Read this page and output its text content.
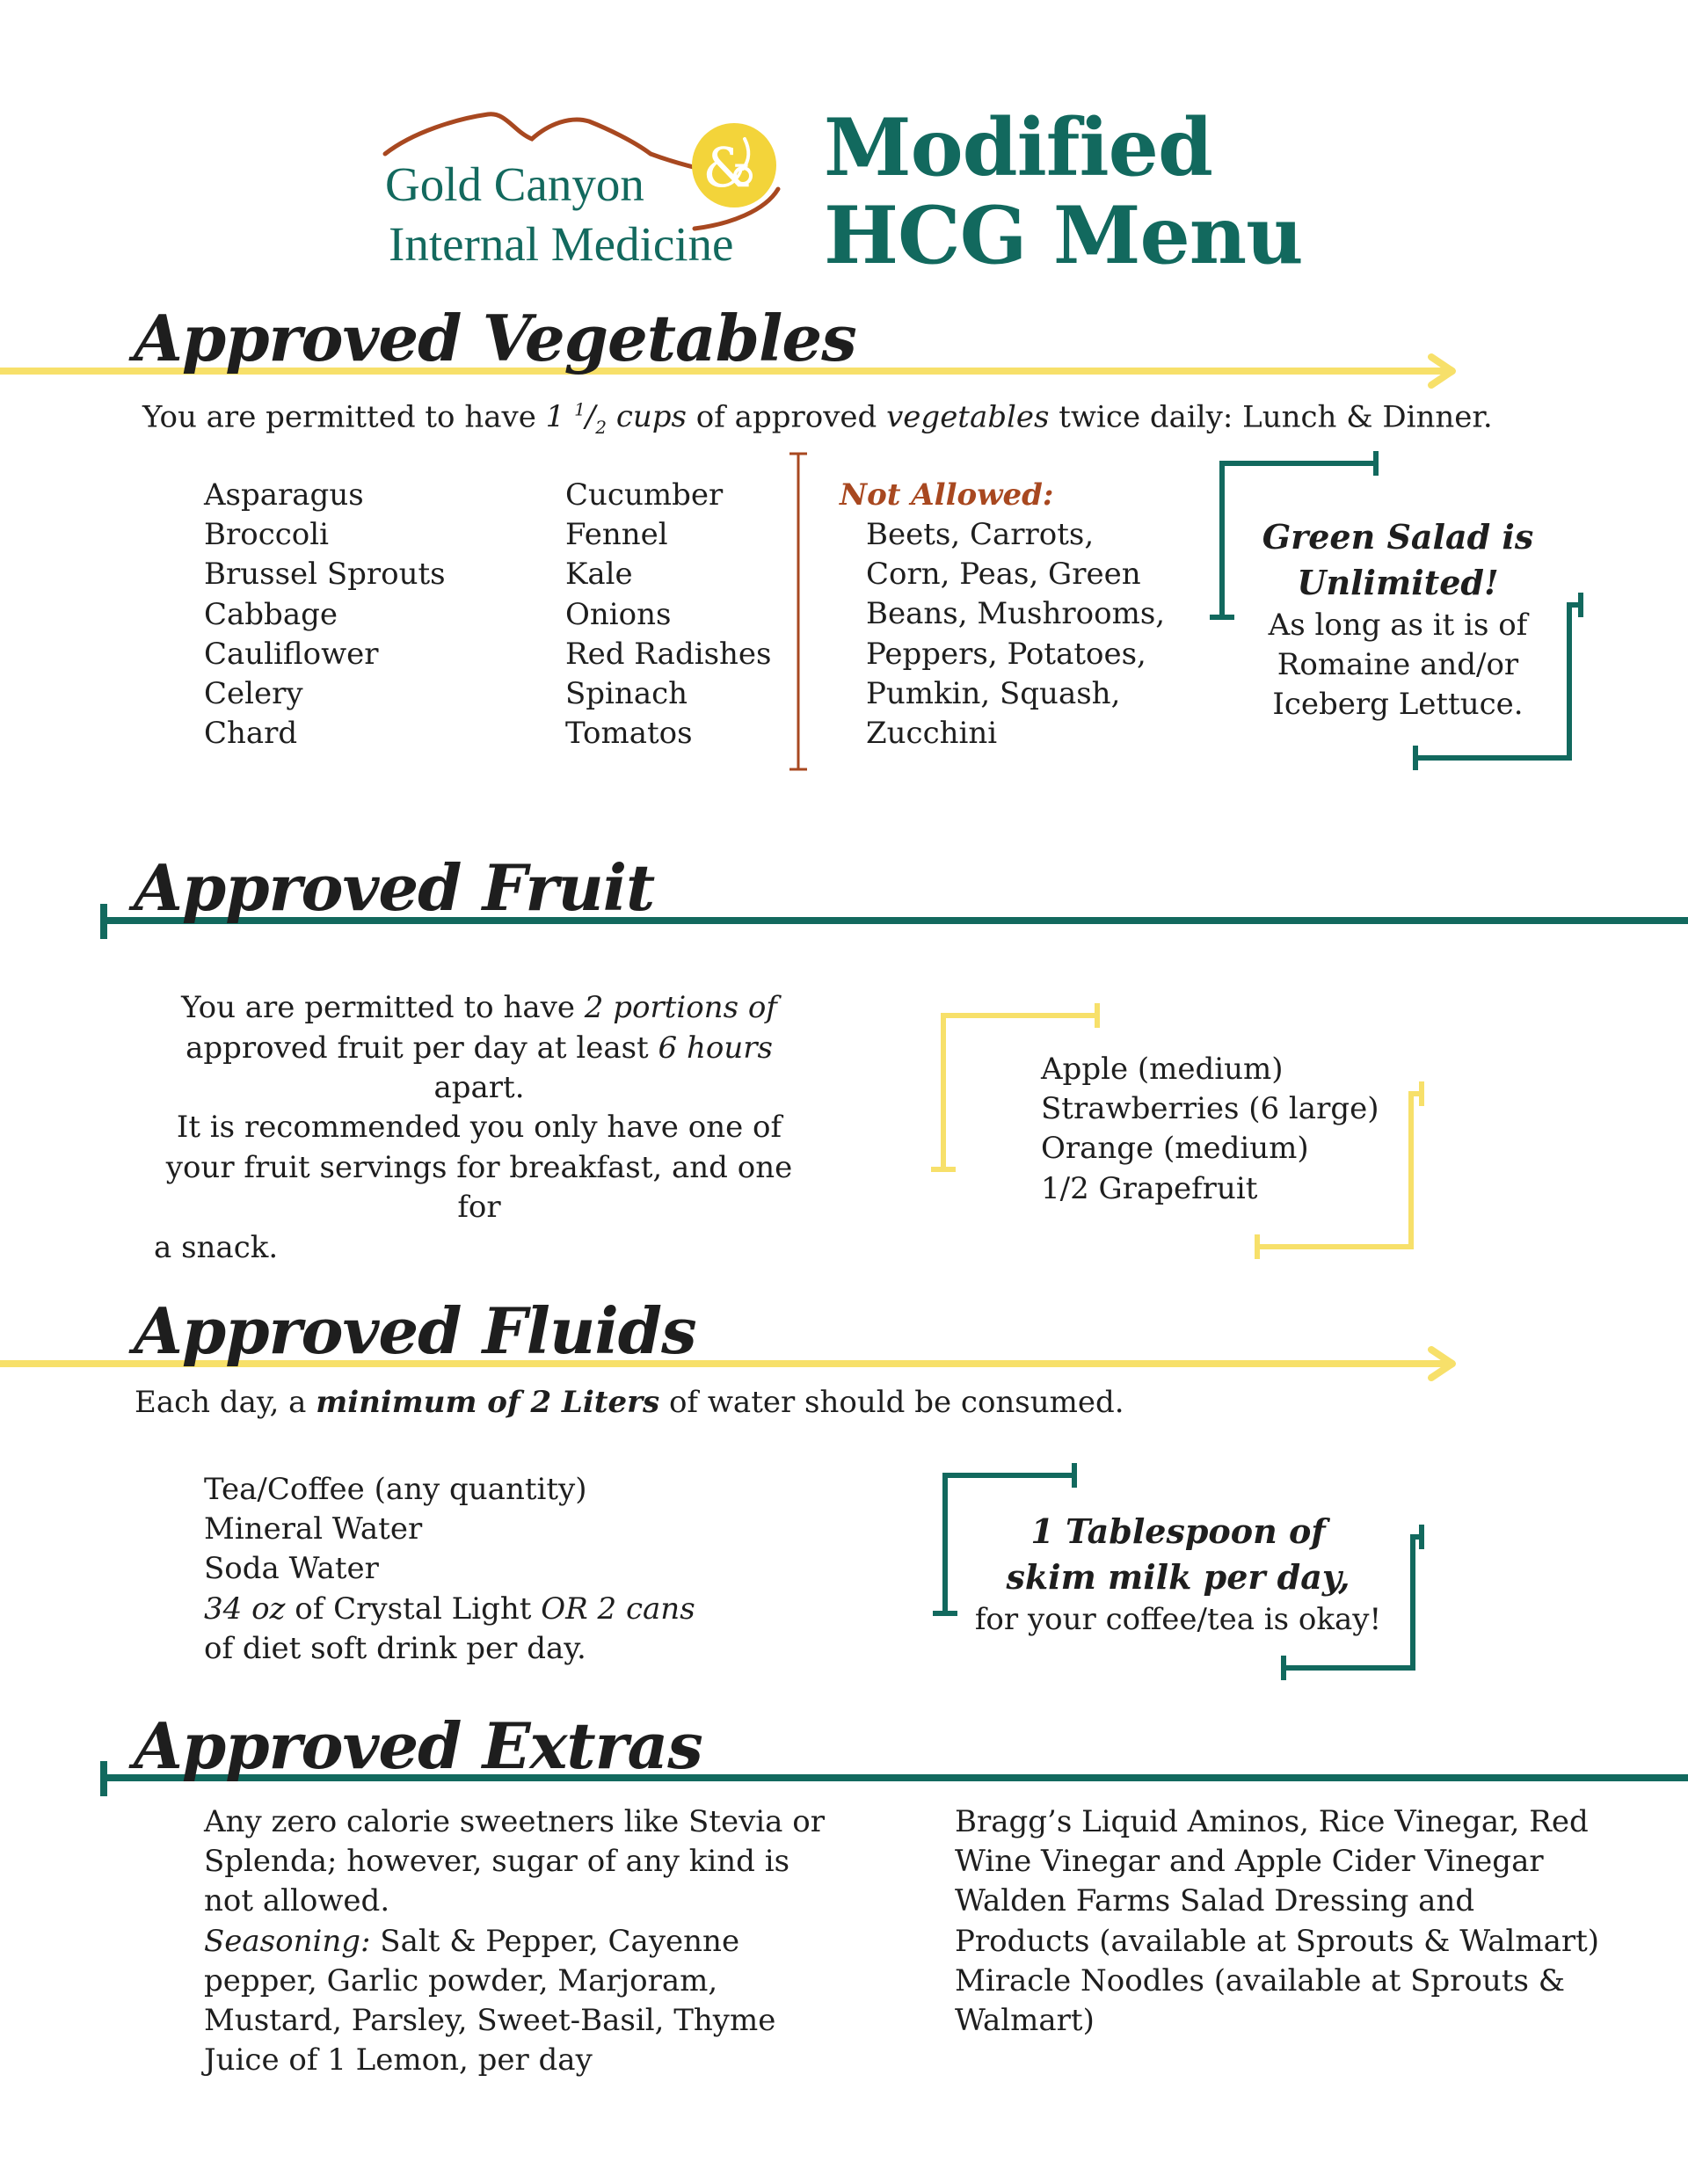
Gold Canyon
Internal Medicine
& Modified
HCG Menu
Approved Vegetables
You are permitted to have 1 $^1/_2$ cups of approved vegetables twice daily: Lunch & Dinner.
Asparagus
Broccoli
Brussel Sprouts
Cabbage
Cauliflower
Celery
Chard
Cucumber
Fennel
Kale
Onions
Red Radishes
Spinach
Tomatos
Not Allowed:
Beets, Carrots,
Corn, Peas, Green
Beans, Mushrooms,
Peppers, Potatoes,
Pumkin, Squash,
Zucchini
Green Salad is
Unlimited!
As long as it is of
Romaine and/or
Iceberg Lettuce.
Approved Fruit
You are permitted to have 2 portions of
approved fruit per day at least 6 hours apart.
It is recommended you only have one of
your fruit servings for breakfast, and one for
a snack.
Apple (medium)
Strawberries (6 large)
Orange (medium)
1/2 Grapefruit
Approved Fluids
Each day, a minimum of 2 Liters of water should be consumed.
Tea/Coffee (any quantity)
Mineral Water
Soda Water
34 oz of Crystal Light OR 2 cans
of diet soft drink per day.
1 Tablespoon of
skim milk per day,
for your coffee/tea is okay!
Approved Extras
Any zero calorie sweetners like Stevia or
Splenda; however, sugar of any kind is
not allowed.
Seasoning: Salt & Pepper, Cayenne
pepper, Garlic powder, Marjoram,
Mustard, Parsley, Sweet-Basil, Thyme
Juice of 1 Lemon, per day
Bragg’s Liquid Aminos, Rice Vinegar, Red
Wine Vinegar and Apple Cider Vinegar
Walden Farms Salad Dressing and
Products (available at Sprouts & Walmart)
Miracle Noodles (available at Sprouts &
Walmart)
